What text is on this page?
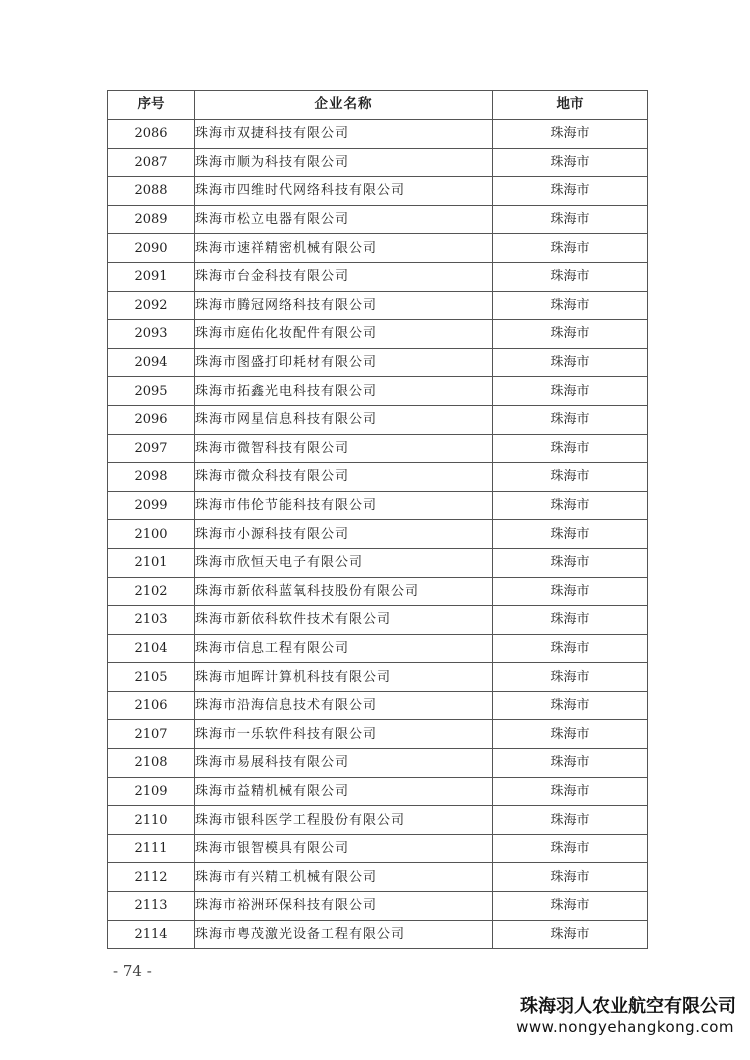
序号	企业名称	地市
2086	珠海市双捷科技有限公司	珠海市
2087	珠海市顺为科技有限公司	珠海市
2088	珠海市四维时代网络科技有限公司	珠海市
2089	珠海市松立电器有限公司	珠海市
2090	珠海市速祥精密机械有限公司	珠海市
2091	珠海市台金科技有限公司	珠海市
2092	珠海市腾冠网络科技有限公司	珠海市
2093	珠海市庭佑化妆配件有限公司	珠海市
2094	珠海市图盛打印耗材有限公司	珠海市
2095	珠海市拓鑫光电科技有限公司	珠海市
2096	珠海市网星信息科技有限公司	珠海市
2097	珠海市微智科技有限公司	珠海市
2098	珠海市微众科技有限公司	珠海市
2099	珠海市伟伦节能科技有限公司	珠海市
2100	珠海市小源科技有限公司	珠海市
2101	珠海市欣恒天电子有限公司	珠海市
2102	珠海市新依科蓝氧科技股份有限公司	珠海市
2103	珠海市新依科软件技术有限公司	珠海市
2104	珠海市信息工程有限公司	珠海市
2105	珠海市旭晖计算机科技有限公司	珠海市
2106	珠海市沿海信息技术有限公司	珠海市
2107	珠海市一乐软件科技有限公司	珠海市
2108	珠海市易展科技有限公司	珠海市
2109	珠海市益精机械有限公司	珠海市
2110	珠海市银科医学工程股份有限公司	珠海市
2111	珠海市银智模具有限公司	珠海市
2112	珠海市有兴精工机械有限公司	珠海市
2113	珠海市裕洲环保科技有限公司	珠海市
2114	珠海市粤茂激光设备工程有限公司	珠海市
- 74 -
珠海羽人农业航空有限公司
www.nongyehangkong.com
